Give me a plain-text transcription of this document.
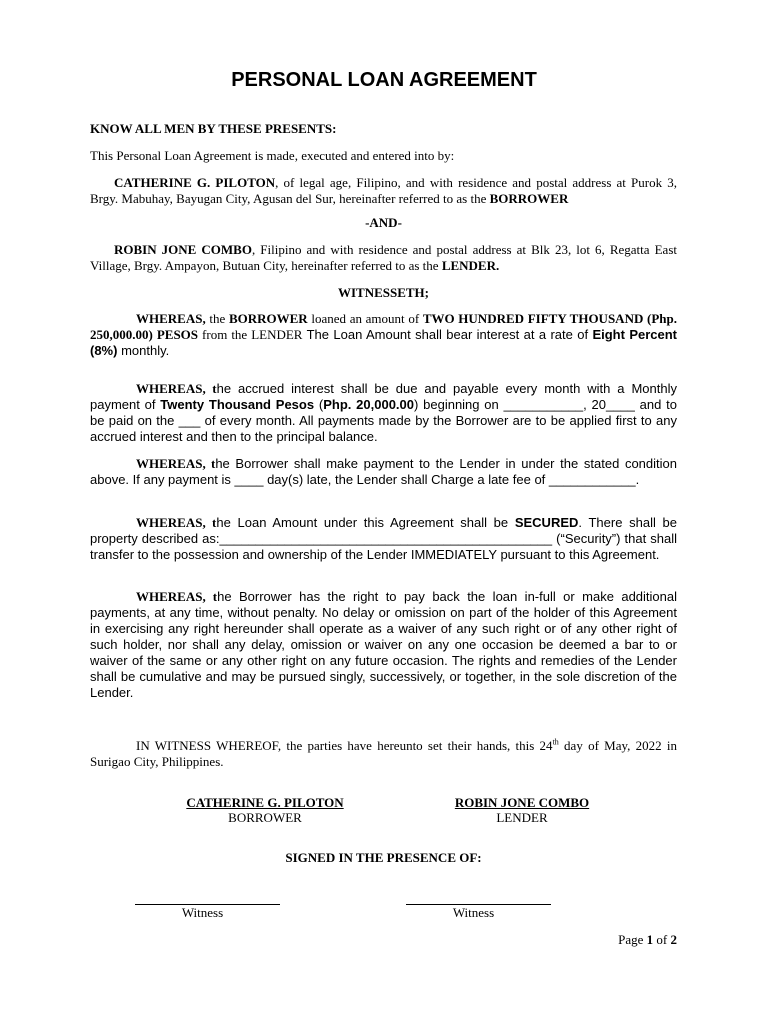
PERSONAL LOAN AGREEMENT
KNOW ALL MEN BY THESE PRESENTS:
This Personal Loan Agreement is made, executed and entered into by:
CATHERINE G. PILOTON, of legal age, Filipino, and with residence and postal address at Purok 3, Brgy. Mabuhay, Bayugan City, Agusan del Sur, hereinafter referred to as the BORROWER
-AND-
ROBIN JONE COMBO, Filipino and with residence and postal address at Blk 23, lot 6, Regatta East Village, Brgy. Ampayon, Butuan City, hereinafter referred to as the LENDER.
WITNESSETH;
WHEREAS, the BORROWER loaned an amount of TWO HUNDRED FIFTY THOUSAND (Php. 250,000.00) PESOS from the LENDER The Loan Amount shall bear interest at a rate of Eight Percent (8%) monthly.
WHEREAS, the accrued interest shall be due and payable every month with a Monthly payment of Twenty Thousand Pesos (Php. 20,000.00) beginning on ___________, 20____ and to be paid on the ___ of every month. All payments made by the Borrower are to be applied first to any accrued interest and then to the principal balance.
WHEREAS, the Borrower shall make payment to the Lender in under the stated condition above. If any payment is ____ day(s) late, the Lender shall Charge a late fee of ____________.
WHEREAS, the Loan Amount under this Agreement shall be SECURED. There shall be property described as:______________________________________________ (“Security”) that shall transfer to the possession and ownership of the Lender IMMEDIATELY pursuant to this Agreement.
WHEREAS, the Borrower has the right to pay back the loan in-full or make additional payments, at any time, without penalty. No delay or omission on part of the holder of this Agreement in exercising any right hereunder shall operate as a waiver of any such right or of any other right of such holder, nor shall any delay, omission or waiver on any one occasion be deemed a bar to or waiver of the same or any other right on any future occasion. The rights and remedies of the Lender shall be cumulative and may be pursued singly, successively, or together, in the sole discretion of the Lender.
IN WITNESS WHEREOF, the parties have hereunto set their hands, this 24th day of May, 2022 in Surigao City, Philippines.
CATHERINE G. PILOTON
BORROWER
ROBIN JONE COMBO
LENDER
SIGNED IN THE PRESENCE OF:
Witness	Witness
Page 1 of 2
